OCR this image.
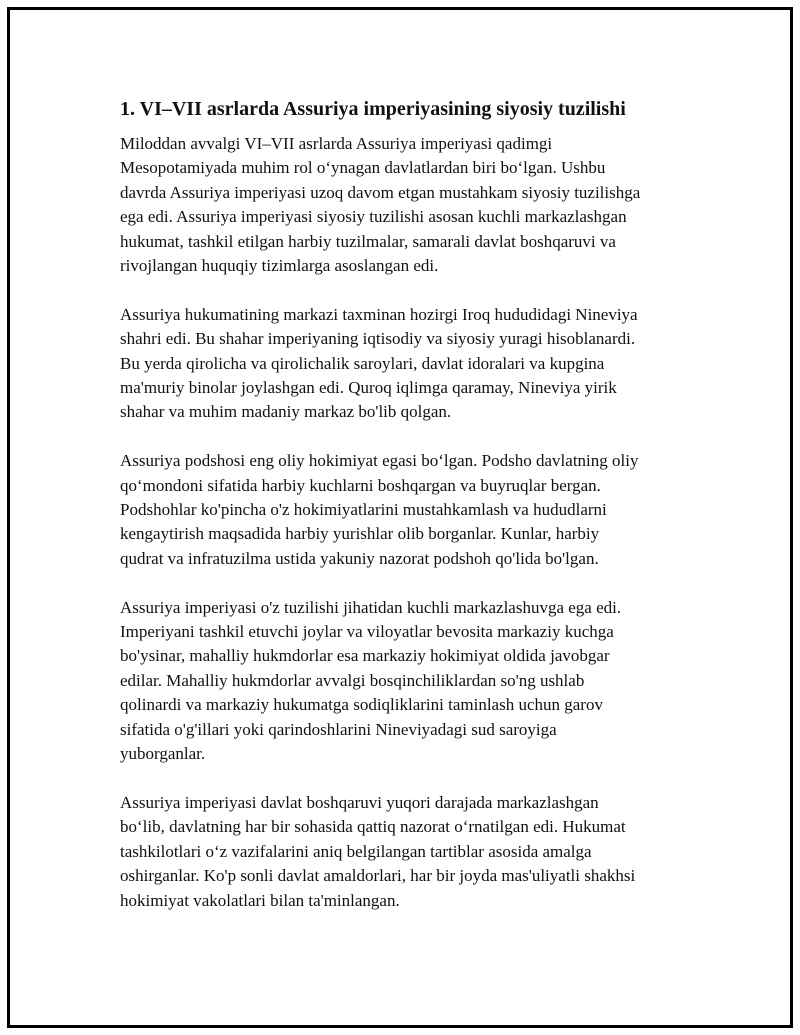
1. VI–VII asrlarda Assuriya imperiyasining siyosiy tuzilishi

Miloddan avvalgi VI–VII asrlarda Assuriya imperiyasi qadimgi
Mesopotamiyada muhim rol oʻynagan davlatlardan biri boʻlgan. Ushbu
davrda Assuriya imperiyasi uzoq davom etgan mustahkam siyosiy tuzilishga
ega edi. Assuriya imperiyasi siyosiy tuzilishi asosan kuchli markazlashgan
hukumat, tashkil etilgan harbiy tuzilmalar, samarali davlat boshqaruvi va
rivojlangan huquqiy tizimlarga asoslangan edi.

Assuriya hukumatining markazi taxminan hozirgi Iroq hududidagi Nineviya
shahri edi. Bu shahar imperiyaning iqtisodiy va siyosiy yuragi hisoblanardi.
Bu yerda qirolicha va qirolichalik saroylari, davlat idoralari va kupgina
ma'muriy binolar joylashgan edi. Quroq iqlimga qaramay, Nineviya yirik
shahar va muhim madaniy markaz bo'lib qolgan.

Assuriya podshosi eng oliy hokimiyat egasi boʻlgan. Podsho davlatning oliy
qoʻmondoni sifatida harbiy kuchlarni boshqargan va buyruqlar bergan.
Podshohlar ko'pincha o'z hokimiyatlarini mustahkamlash va hududlarni
kengaytirish maqsadida harbiy yurishlar olib borganlar. Kunlar, harbiy
qudrat va infratuzilma ustida yakuniy nazorat podshoh qo'lida bo'lgan.

Assuriya imperiyasi o'z tuzilishi jihatidan kuchli markazlashuvga ega edi.
Imperiyani tashkil etuvchi joylar va viloyatlar bevosita markaziy kuchga
bo'ysinar, mahalliy hukmdorlar esa markaziy hokimiyat oldida javobgar
edilar. Mahalliy hukmdorlar avvalgi bosqinchiliklardan so'ng ushlab
qolinardi va markaziy hukumatga sodiqliklarini taminlash uchun garov
sifatida o'g'illari yoki qarindoshlarini Nineviyadagi sud saroyiga
yuborganlar.

Assuriya imperiyasi davlat boshqaruvi yuqori darajada markazlashgan
boʻlib, davlatning har bir sohasida qattiq nazorat oʻrnatilgan edi. Hukumat
tashkilotlari oʻz vazifalarini aniq belgilangan tartiblar asosida amalga
oshirganlar. Ko'p sonli davlat amaldorlari, har bir joyda mas'uliyatli shakhsi
hokimiyat vakolatlari bilan ta'minlangan.
